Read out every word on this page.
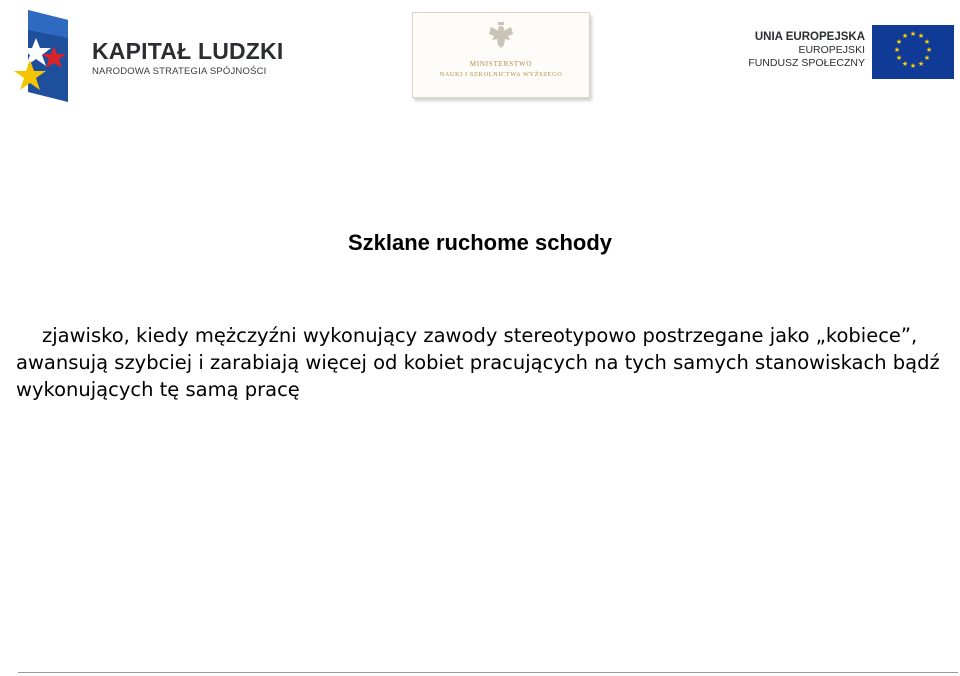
KAPITAŁ LUDZKI
NARODOWA STRATEGIA SPÓJNOŚCI
MINISTERSTWO
NAUKI I SZKOLNICTWA WYŻSZEGO
UNIA EUROPEJSKA
EUROPEJSKI
FUNDUSZ SPOŁECZNY
★ ★
★
★
★
★
★
★
★
★
★
★
Szklane ruchome schody
zjawisko, kiedy mężczyźni wykonujący zawody stereotypowo postrzegane jako „kobiece”, awansują szybciej i zarabiają więcej od kobiet pracujących na tych samych stanowiskach bądź wykonujących tę samą pracę
